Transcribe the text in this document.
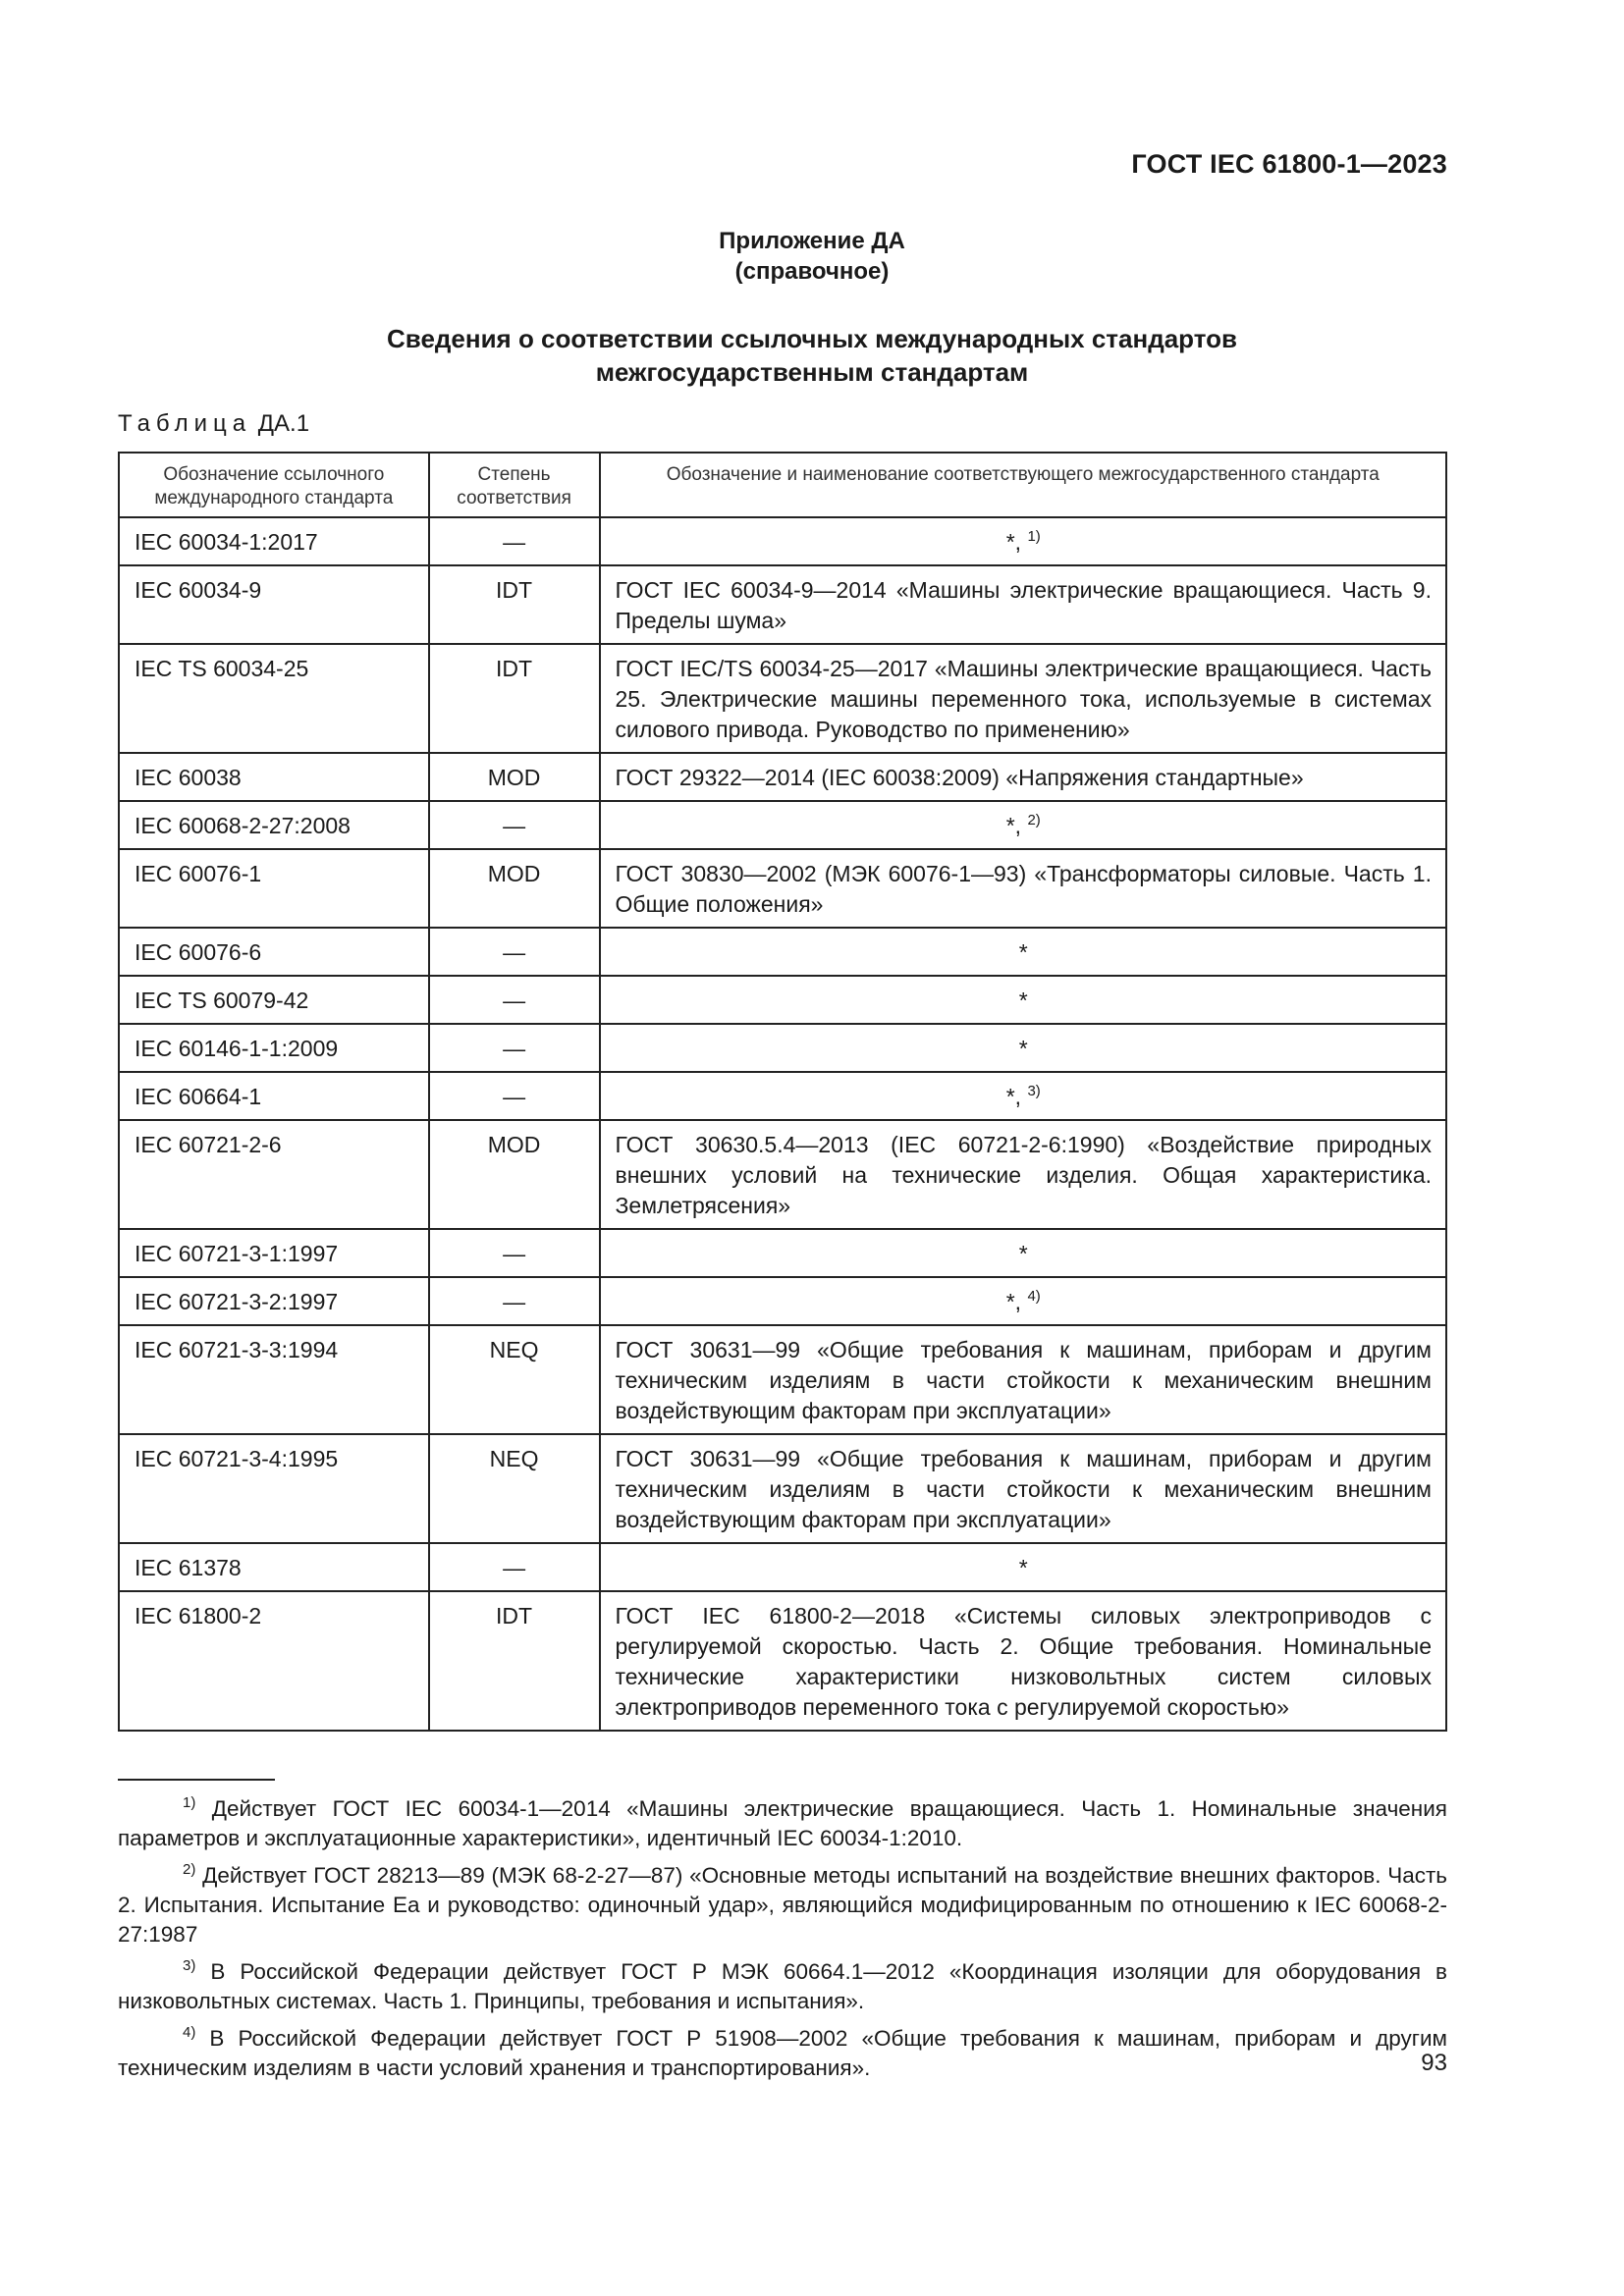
ГОСТ IEC 61800-1—2023
Приложение ДА
(справочное)
Сведения о соответствии ссылочных международных стандартов
межгосударственным стандартам
Таблица ДА.1
Обозначение ссылочного международного стандарта	Степень соответствия	Обозначение и наименование соответствующего межгосударственного стандарта
IEC 60034-1:2017	—	*, $^{1)}$
IEC 60034-9	IDT	ГОСТ IEC 60034-9—2014 «Машины электрические вращающиеся. Часть 9. Пределы шума»
IEC TS 60034-25	IDT	ГОСТ IEC/TS 60034-25—2017 «Машины электрические вращающиеся. Часть 25. Электрические машины переменного тока, используемые в системах силового привода. Руководство по применению»
IEC 60038	MOD	ГОСТ 29322—2014 (IEC 60038:2009) «Напряжения стандартные»
IEC 60068-2-27:2008	—	*, $^{2)}$
IEC 60076-1	MOD	ГОСТ 30830—2002 (МЭК 60076-1—93) «Трансформаторы силовые. Часть 1. Общие положения»
IEC 60076-6	—	*
IEC TS 60079-42	—	*
IEC 60146-1-1:2009	—	*
IEC 60664-1	—	*, $^{3)}$
IEC 60721-2-6	MOD	ГОСТ 30630.5.4—2013 (IEC 60721-2-6:1990) «Воздействие природных внешних условий на технические изделия. Общая характеристика. Землетрясения»
IEC 60721-3-1:1997	—	*
IEC 60721-3-2:1997	—	*, $^{4)}$
IEC 60721-3-3:1994	NEQ	ГОСТ 30631—99 «Общие требования к машинам, приборам и другим техническим изделиям в части стойкости к механическим внешним воздействующим факторам при эксплуатации»
IEC 60721-3-4:1995	NEQ	ГОСТ 30631—99 «Общие требования к машинам, приборам и другим техническим изделиям в части стойкости к механическим внешним воздействующим факторам при эксплуатации»
IEC 61378	—	*
IEC 61800-2	IDT	ГОСТ IEC 61800-2—2018 «Системы силовых электроприводов с регулируемой скоростью. Часть 2. Общие требования. Номинальные технические характеристики низковольтных систем силовых электроприводов переменного тока с регулируемой скоростью»
$^{1)}$ Действует ГОСТ IEC 60034-1—2014 «Машины электрические вращающиеся. Часть 1. Номинальные значения параметров и эксплуатационные характеристики», идентичный IEC 60034-1:2010.
$^{2)}$ Действует ГОСТ 28213—89 (МЭК 68-2-27—87) «Основные методы испытаний на воздействие внешних факторов. Часть 2. Испытания. Испытание Еа и руководство: одиночный удар», являющийся модифицированным по отношению к IEC 60068-2-27:1987
$^{3)}$ В Российской Федерации действует ГОСТ Р МЭК 60664.1—2012 «Координация изоляции для оборудования в низковольтных системах. Часть 1. Принципы, требования и испытания».
$^{4)}$ В Российской Федерации действует ГОСТ Р 51908—2002 «Общие требования к машинам, приборам и другим техническим изделиям в части условий хранения и транспортирования».	93
